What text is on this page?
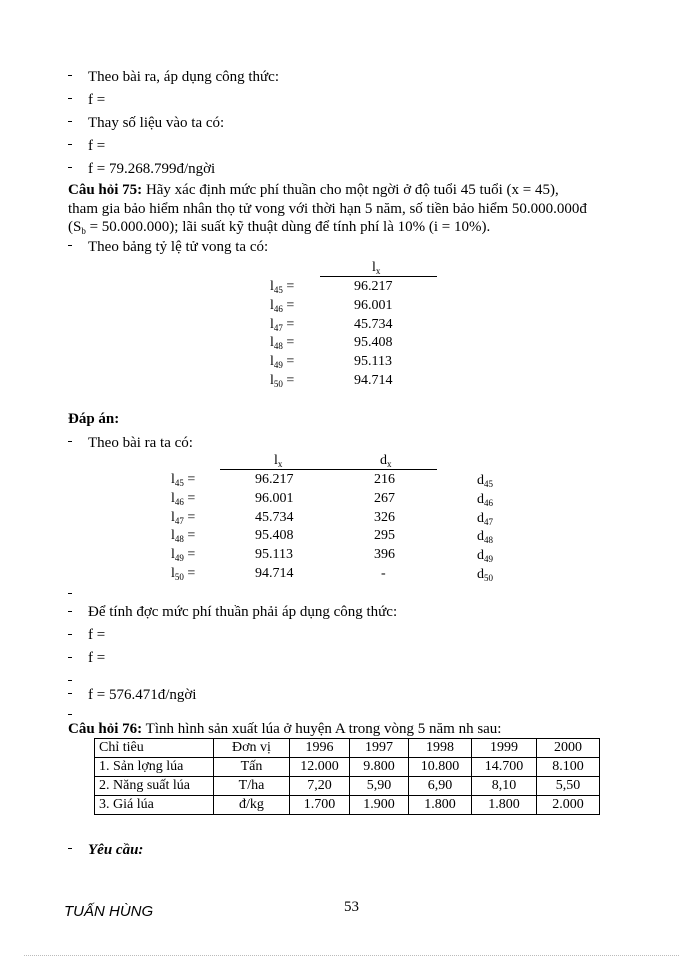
Theo bài ra, áp dụng công thức:
f =
Thay số liệu vào ta có:
f =
f = 79.268.799đ/ngời
Câu hỏi 75: Hãy xác định mức phí thuần cho một ngời ở độ tuổi 45 tuổi (x = 45),
tham gia bảo hiểm nhân thọ tử vong với thời hạn 5 năm, số tiền bảo hiểm 50.000.000đ
$(S_b = 50.000.000)$; lãi suất kỹ thuật dùng để tính phí là 10% (i = 10%).
Theo bảng tỷ lệ tử vong ta có:
$l_x$
$l_{45}$ =	96.217
$l_{46}$ =	96.001
$l_{47}$ =	45.734
$l_{48}$ =	95.408
$l_{49}$ =	95.113
$l_{50}$ =	94.714
Đáp án:
Theo bài ra ta có:
$l_x$	$d_x$
$l_{45}$ =	96.217	216	$d_{45}$
$l_{46}$ =	96.001	267	$d_{46}$
$l_{47}$ =	45.734	326	$d_{47}$
$l_{48}$ =	95.408	295	$d_{48}$
$l_{49}$ =	95.113	396	$d_{49}$
$l_{50}$ =	94.714	-	$d_{50}$
Để tính đợc mức phí thuần phải áp dụng công thức:
f =
f =
f = 576.471đ/ngời
Câu hỏi 76: Tình hình sản xuất lúa ở huyện A trong vòng 5 năm nh sau:
Chỉ tiêu	Đơn vị	1996	1997	1998	1999	2000
1. Sản lợng lúa	Tấn	12.000	9.800	10.800	14.700	8.100
2. Năng suất lúa	T/ha	7,20	5,90	6,90	8,10	5,50
3. Giá lúa	đ/kg	1.700	1.900	1.800	1.800	2.000
Yêu cầu:
TUẤN HÙNG	53
